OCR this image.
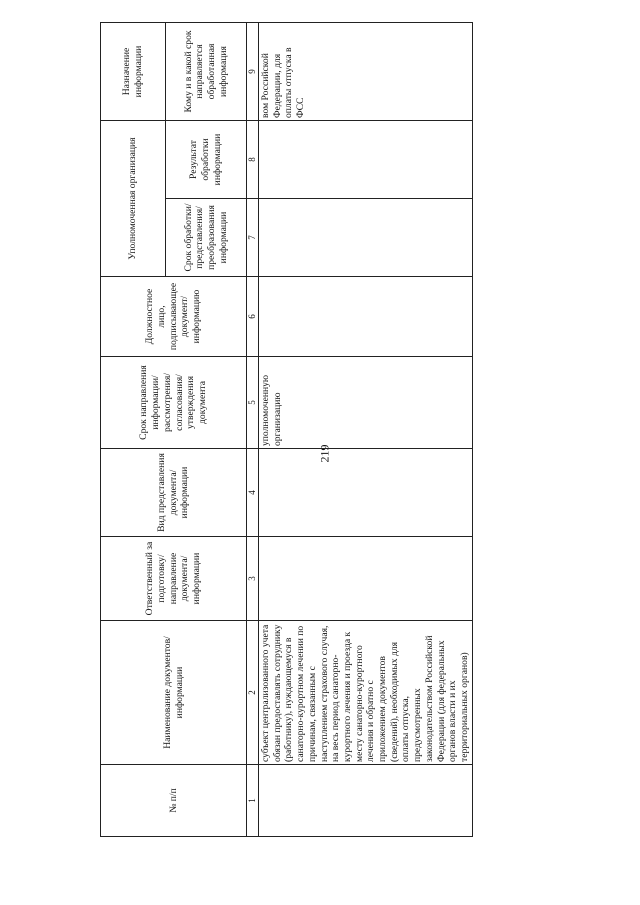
219
№ п/п	Наименование документов/ информации	Ответственный за подготовку/ направление документа/ информации	Вид представления документа/ информации	Срок направления информации/ рассмотрения/ согласования/ утверждения документа	Должностное лицо, подписывающее документ/ информацию	Уполномоченная организация		Назначение информации
						Срок обработки/ представления/ преобразования информации	Результат обработки информации	Кому и в какой срок направляется обработанная информация
1	2	3	4	5	6	7	8	9
	субъект централизованного учета обязан предоставлять сотруднику (работнику), нуждающемуся в санаторно-курортном лечении по причинам, связанным с наступлением страхового случая, на весь период санаторно-курортного лечения и проезда к месту санаторно-курортного лечения и обратно с приложением документов (сведений), необходимых для оплаты отпуска, предусмотренных законодательством Российской Федерации (для федеральных органов власти и их территориальных органов)			уполномоченную организацию				вом Российской Федерации, для оплаты отпуска в ФСС
